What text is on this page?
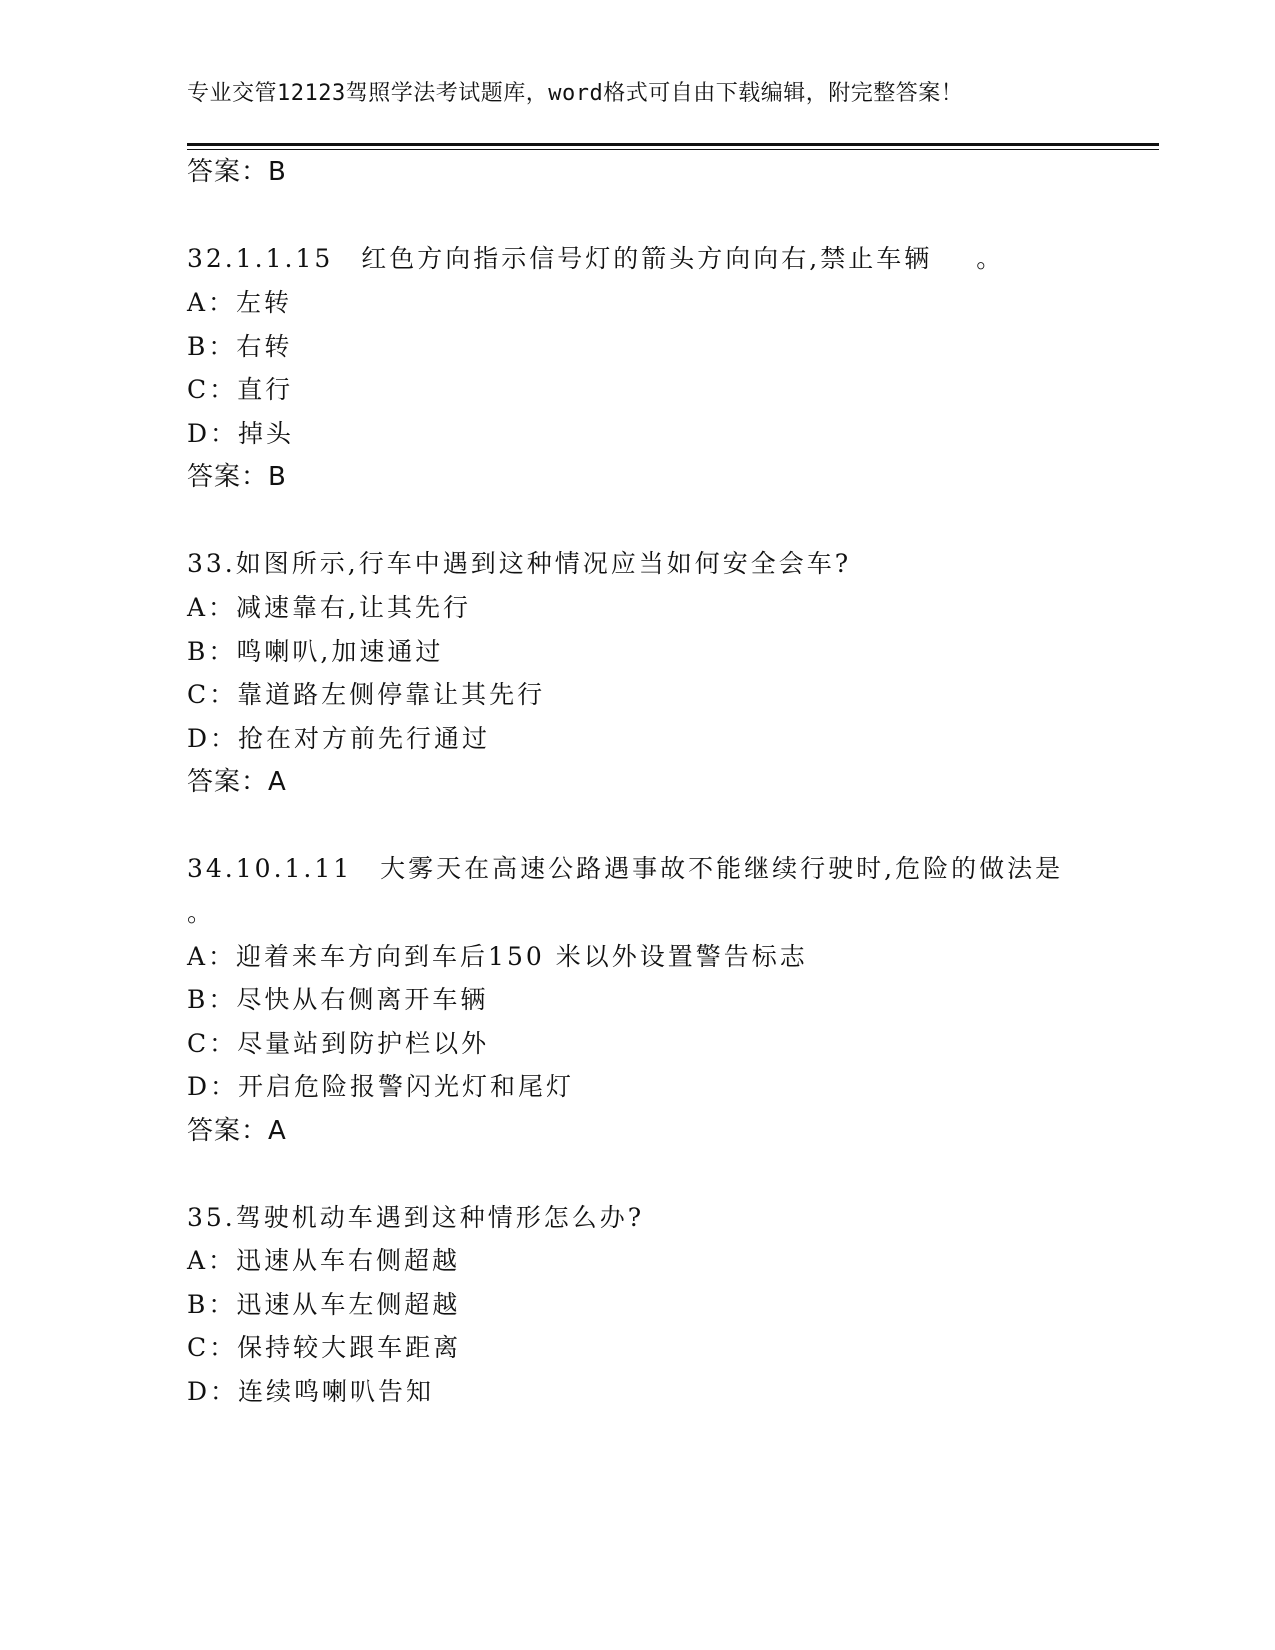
专业交管12123驾照学法考试题库，word格式可自由下载编辑，附完整答案！
答案：B
32.1.1.15　红色方向指示信号灯的箭头方向向右,禁止车辆 。
A：左转
B：右转
C：直行
D：掉头
答案：B
33.如图所示,行车中遇到这种情况应当如何安全会车?
A：减速靠右,让其先行
B：鸣喇叭,加速通过
C：靠道路左侧停靠让其先行
D：抢在对方前先行通过
答案：A
34.10.1.11　大雾天在高速公路遇事故不能继续行驶时,危险的做法是
。
A：迎着来车方向到车后150 米以外设置警告标志
B：尽快从右侧离开车辆
C：尽量站到防护栏以外
D：开启危险报警闪光灯和尾灯
答案：A
35.驾驶机动车遇到这种情形怎么办?
A：迅速从车右侧超越
B：迅速从车左侧超越
C：保持较大跟车距离
D：连续鸣喇叭告知
